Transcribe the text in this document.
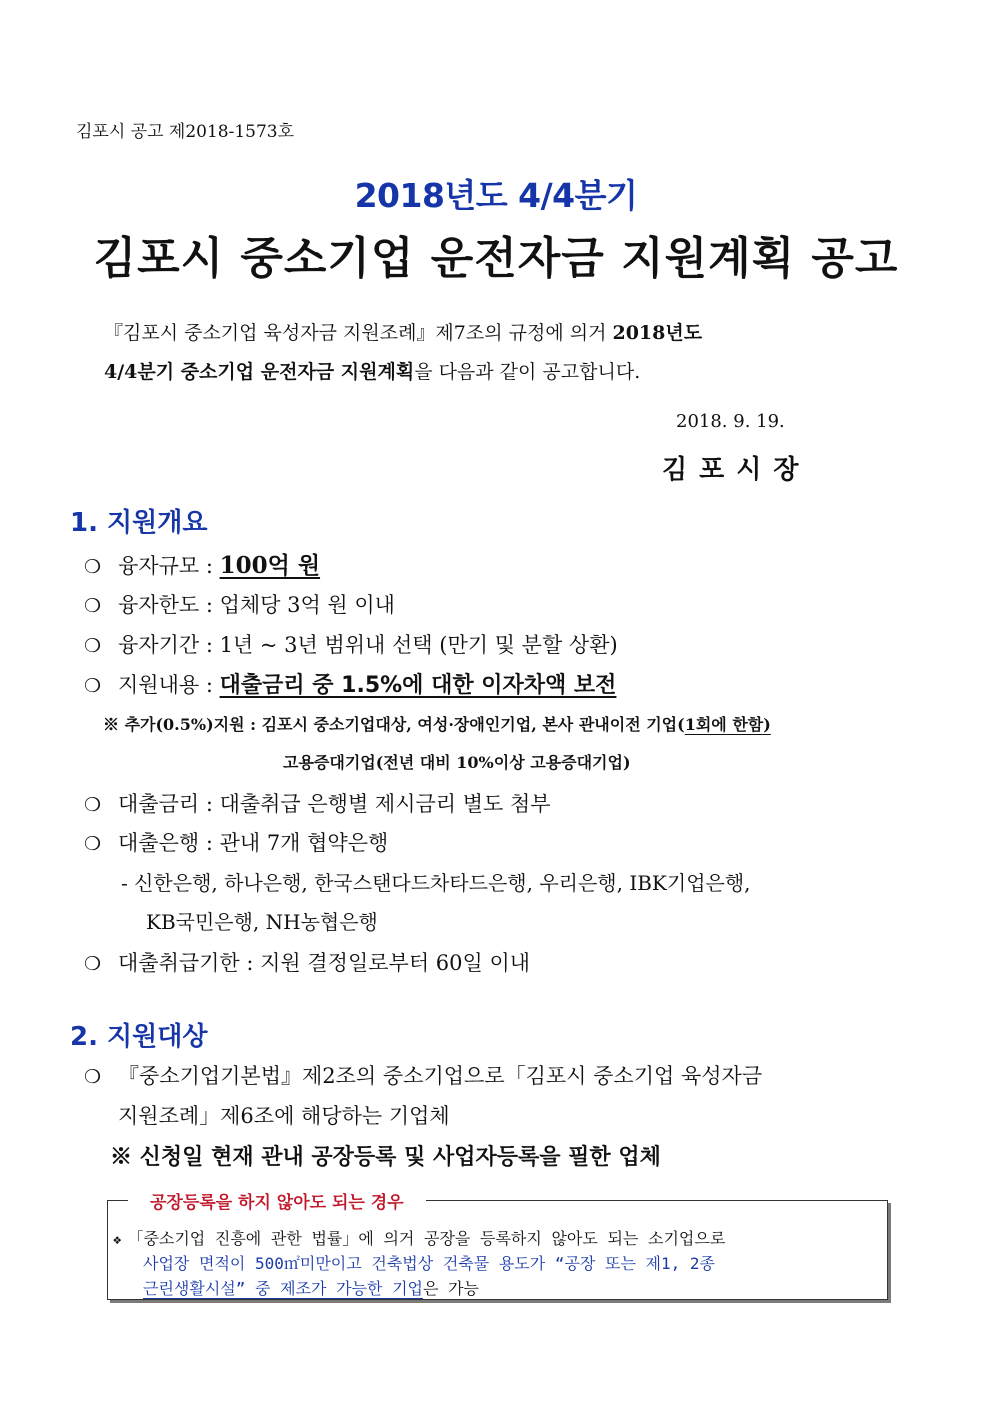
김포시 공고 제2018-1573호
2018년도 4/4분기
김포시 중소기업 운전자금 지원계획 공고
『김포시 중소기업 육성자금 지원조례』제7조의 규정에 의거 2018년도
4/4분기 중소기업 운전자금 지원계획을 다음과 같이 공고합니다.
2018. 9. 19.
김포시장
1. 지원개요
❍ 융자규모 : 100억 원
❍ 융자한도 : 업체당 3억 원 이내
❍ 융자기간 : 1년 ~ 3년 범위내 선택 (만기 및 분할 상환)
❍ 지원내용 : 대출금리 중 1.5%에 대한 이자차액 보전
※ 추가(0.5%)지원 : 김포시 중소기업대상, 여성·장애인기업, 본사 관내이전 기업(1회에 한함)
고용증대기업(전년 대비 10%이상 고용증대기업)
❍ 대출금리 : 대출취급 은행별 제시금리 별도 첨부
❍ 대출은행 : 관내 7개 협약은행
- 신한은행, 하나은행, 한국스탠다드차타드은행, 우리은행, IBK기업은행,
KB국민은행, NH농협은행
❍ 대출취급기한 : 지원 결정일로부터 60일 이내
2. 지원대상
❍ 『중소기업기본법』제2조의 중소기업으로「김포시 중소기업 육성자금
지원조례」제6조에 해당하는 기업체
※ 신청일 현재 관내 공장등록 및 사업자등록을 필한 업체
공장등록을 하지 않아도 되는 경우
❖ 「중소기업 진흥에 관한 법률」에 의거 공장을 등록하지 않아도 되는 소기업으로
사업장 면적이 500㎡미만이고 건축법상 건축물 용도가 “공장 또는 제1, 2종
근린생활시설” 중 제조가 가능한 기업은 가능
